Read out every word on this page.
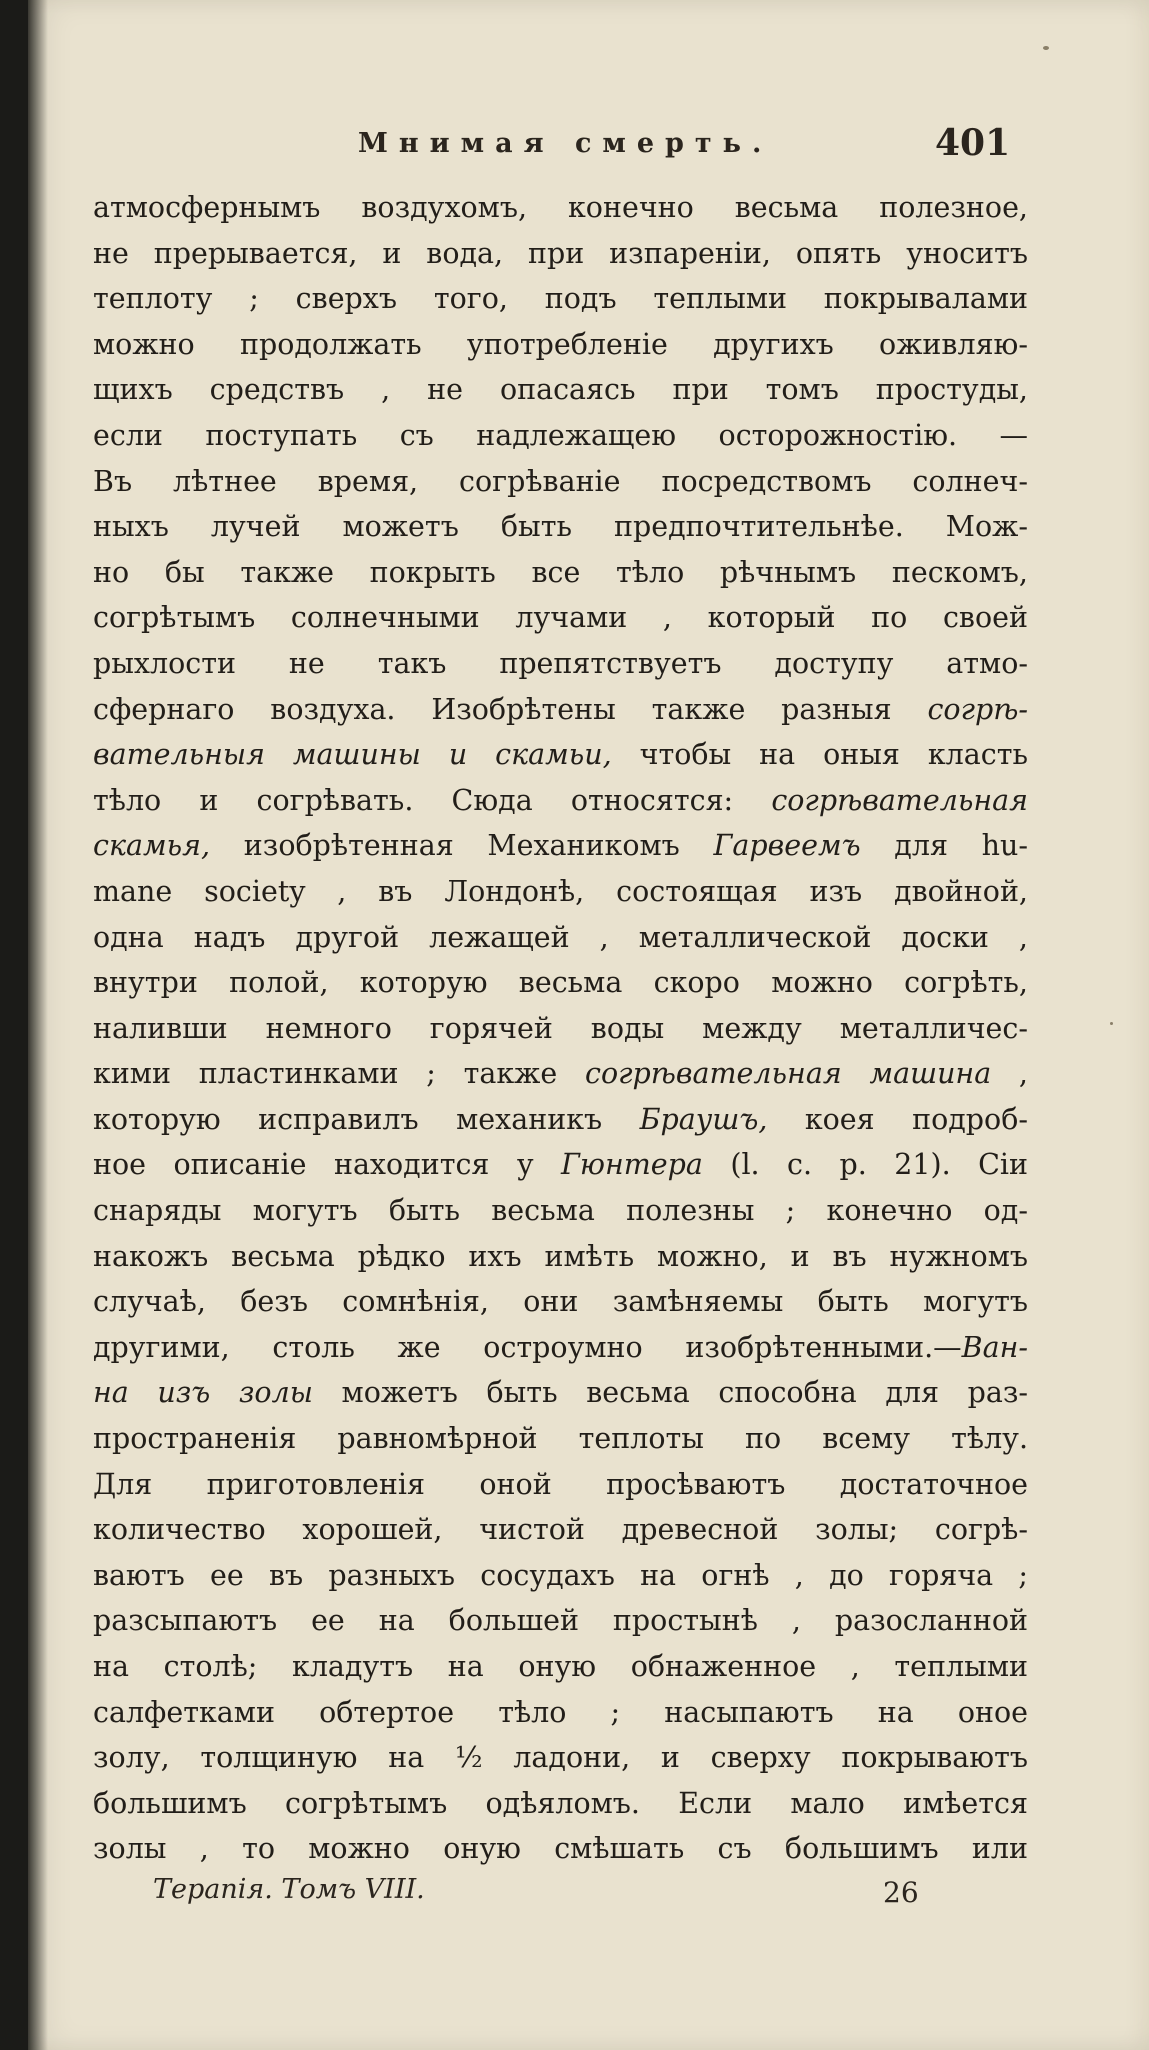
Мнимая смерть.	401
атмосфернымъ воздухомъ, конечно весьма полезное,
не прерывается, и вода, при изпареніи, опять уноситъ
теплоту ; сверхъ того, подъ теплыми покрывалами
можно продолжать употребленіе другихъ оживляю-
щихъ средствъ , не опасаясь при томъ простуды,
если поступать съ надлежащею осторожностію. —
Въ лѣтнее время, согрѣваніе посредствомъ солнеч-
ныхъ лучей можетъ быть предпочтительнѣе. Мож-
но бы также покрыть все тѣло рѣчнымъ пескомъ,
согрѣтымъ солнечными лучами , который по своей
рыхлости не такъ препятствуетъ доступу атмо-
сфернаго воздуха. Изобрѣтены также разныя согрѣ-
вательныя машины и скамьи, чтобы на оныя класть
тѣло и согрѣвать. Сюда относятся: согрѣвательная
скамья, изобрѣтенная Механикомъ Гарвеемъ для hu-
mane society , въ Лондонѣ, состоящая изъ двойной,
одна надъ другой лежащей , металлической доски ,
внутри полой, которую весьма скоро можно согрѣть,
наливши немного горячей воды между металличес-
кими пластинками ; также согрѣвательная машина ,
которую исправилъ механикъ Браушъ, коея подроб-
ное описаніе находится у Гюнтера (l. c. p. 21). Сіи
снаряды могутъ быть весьма полезны ; конечно од-
накожъ весьма рѣдко ихъ имѣть можно, и въ нужномъ
случаѣ, безъ сомнѣнія, они замѣняемы быть могутъ
другими, столь же остроумно изобрѣтенными.—Ван-
на изъ золы можетъ быть весьма способна для раз-
пространенія равномѣрной теплоты по всему тѣлу.
Для приготовленія оной просѣваютъ достаточное
количество хорошей, чистой древесной золы; согрѣ-
ваютъ ее въ разныхъ сосудахъ на огнѣ , до горяча ;
разсыпаютъ ее на большей простынѣ , разосланной
на столѣ; кладутъ на оную обнаженное , теплыми
салфетками обтертое тѣло ; насыпаютъ на оное
золу, толщиную на ½ ладони, и сверху покрываютъ
большимъ согрѣтымъ одѣяломъ. Если мало имѣется
золы , то можно оную смѣшать съ большимъ или
Терапія. Томъ VIII.	26
